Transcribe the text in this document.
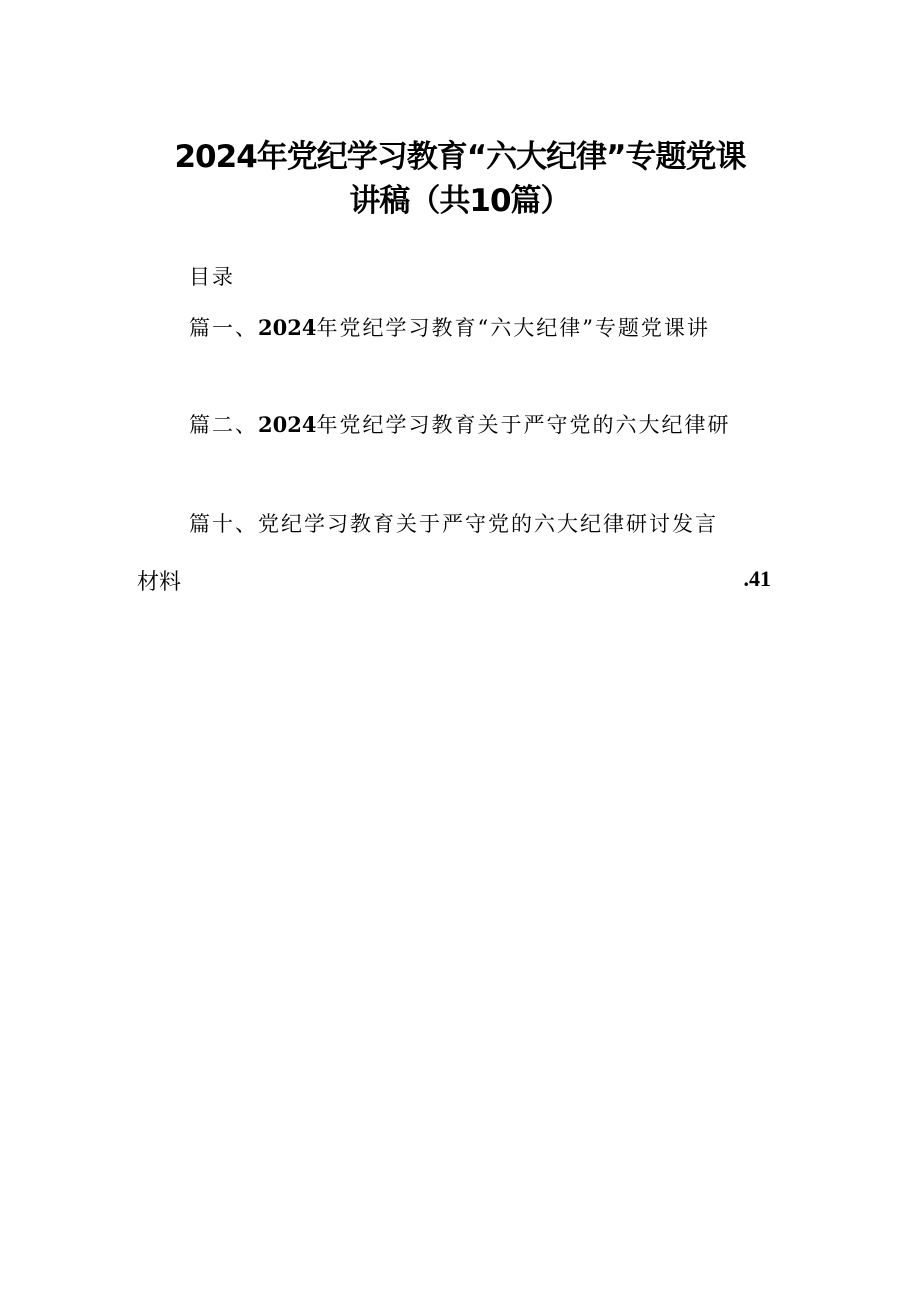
2024年党纪学习教育“六大纪律”专题党课
讲稿（共10篇）
目录
篇一、2024年党纪学习教育“六大纪律”专题党课讲
篇二、2024年党纪学习教育关于严守党的六大纪律研
篇十、党纪学习教育关于严守党的六大纪律研讨发言
材料	.41
